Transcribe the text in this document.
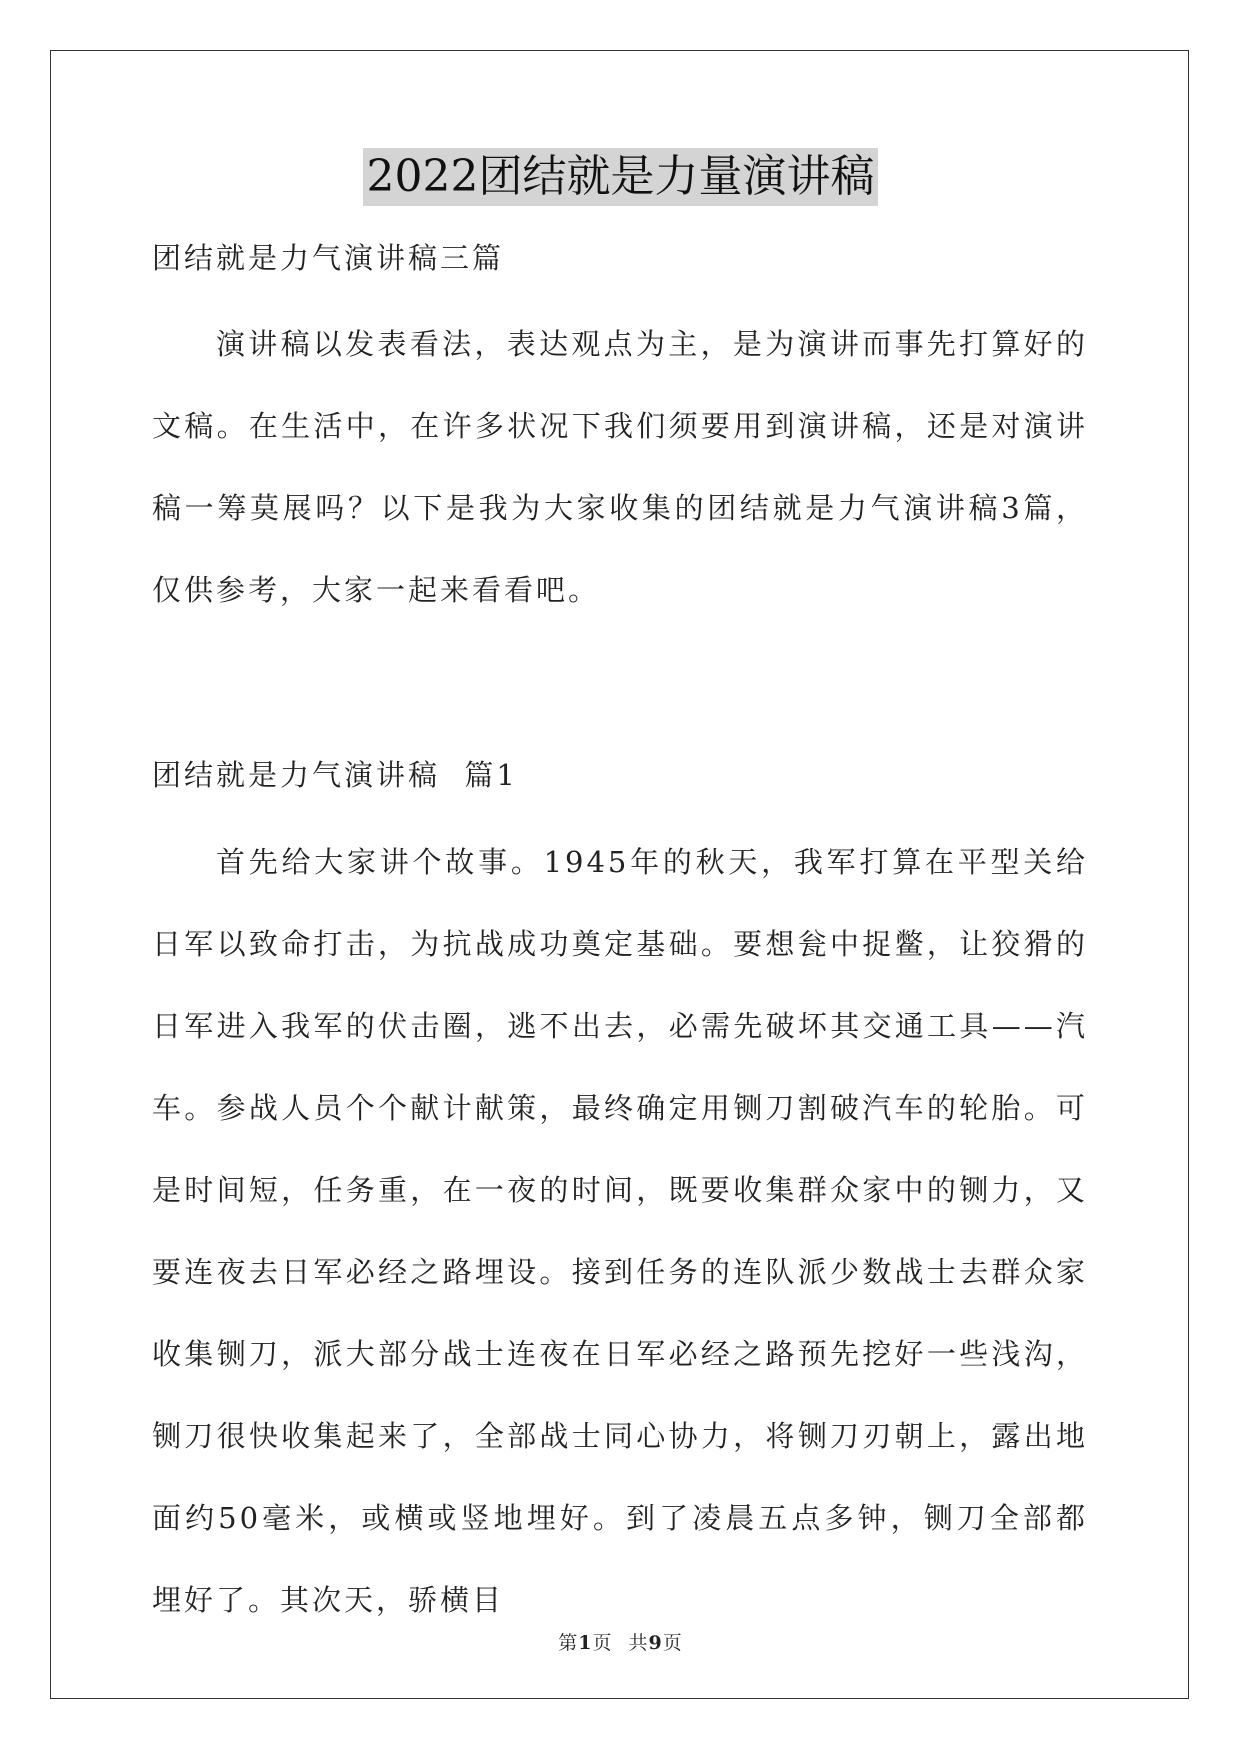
2022团结就是力量演讲稿
团结就是力气演讲稿三篇

演讲稿以发表看法，表达观点为主，是为演讲而事先打算好的文稿。在生活中，在许多状况下我们须要用到演讲稿，还是对演讲稿一筹莫展吗？以下是我为大家收集的团结就是力气演讲稿3篇，仅供参考，大家一起来看看吧。

团结就是力气演讲稿  篇1

首先给大家讲个故事。1945年的秋天，我军打算在平型关给日军以致命打击，为抗战成功奠定基础。要想瓮中捉鳖，让狡猾的日军进入我军的伏击圈，逃不出去，必需先破坏其交通工具——汽车。参战人员个个献计献策，最终确定用铡刀割破汽车的轮胎。可是时间短，任务重，在一夜的时间，既要收集群众家中的铡力，又要连夜去日军必经之路埋设。接到任务的连队派少数战士去群众家收集铡刀，派大部分战士连夜在日军必经之路预先挖好一些浅沟，铡刀很快收集起来了，全部战士同心协力，将铡刀刃朝上，露出地面约50毫米，或横或竖地埋好。到了凌晨五点多钟，铡刀全部都埋好了。其次天，骄横目

第1页 共9页
